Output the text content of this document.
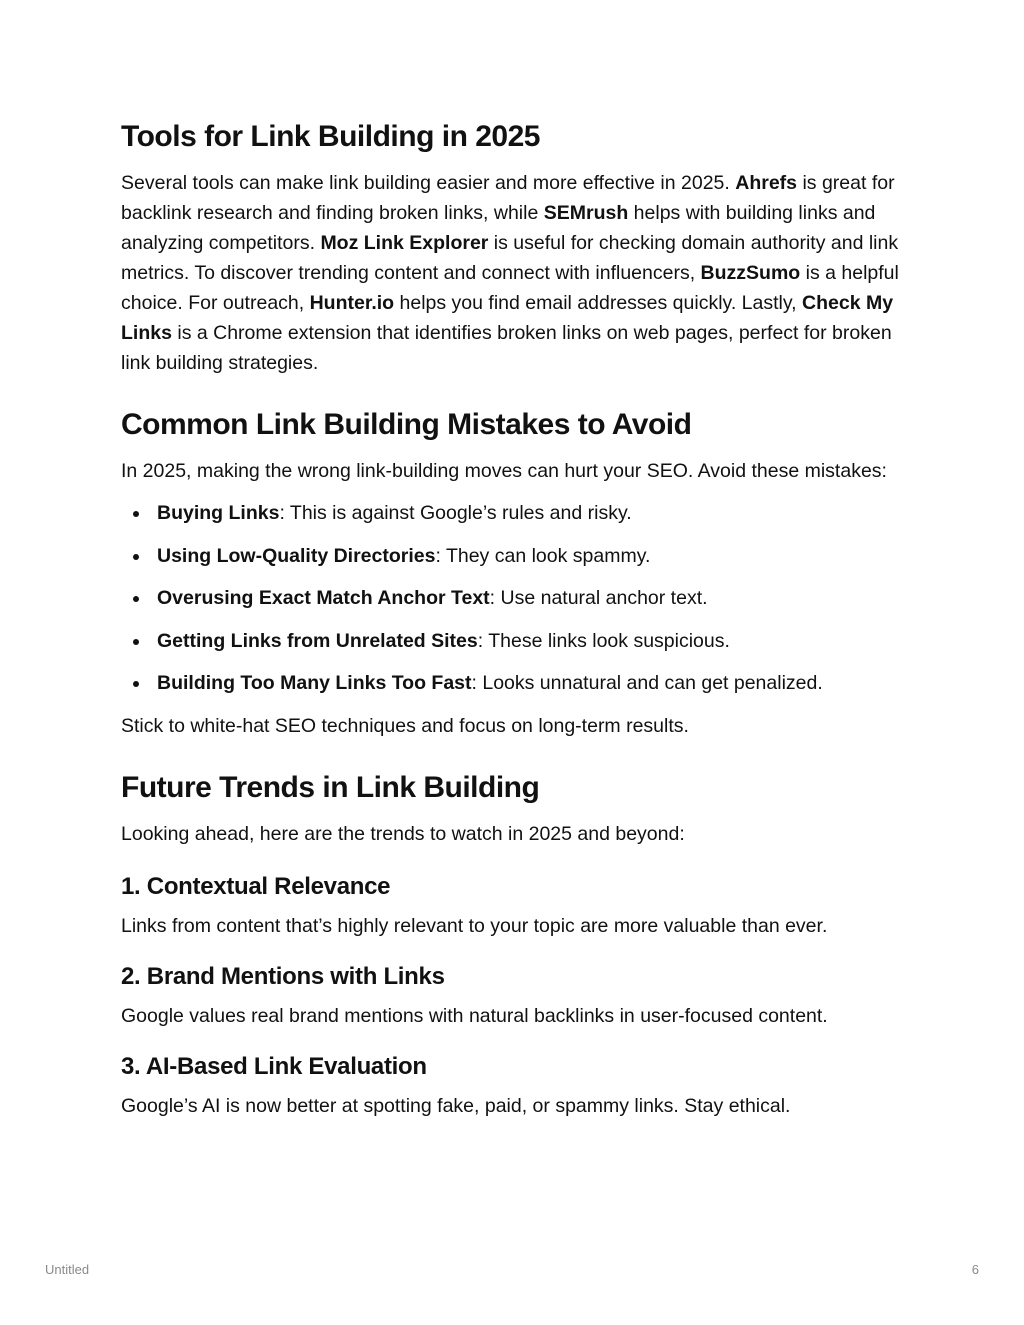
Tools for Link Building in 2025

Several tools can make link building easier and more effective in 2025. Ahrefs is great for backlink research and finding broken links, while SEMrush helps with building links and analyzing competitors. Moz Link Explorer is useful for checking domain authority and link metrics. To discover trending content and connect with influencers, BuzzSumo is a helpful choice. For outreach, Hunter.io helps you find email addresses quickly. Lastly, Check My Links is a Chrome extension that identifies broken links on web pages, perfect for broken link building strategies.

Common Link Building Mistakes to Avoid

In 2025, making the wrong link-building moves can hurt your SEO. Avoid these mistakes:

Buying Links: This is against Google’s rules and risky.
Using Low-Quality Directories: They can look spammy.
Overusing Exact Match Anchor Text: Use natural anchor text.
Getting Links from Unrelated Sites: These links look suspicious.
Building Too Many Links Too Fast: Looks unnatural and can get penalized.

Stick to white-hat SEO techniques and focus on long-term results.

Future Trends in Link Building

Looking ahead, here are the trends to watch in 2025 and beyond:

1. Contextual Relevance

Links from content that’s highly relevant to your topic are more valuable than ever.

2. Brand Mentions with Links

Google values real brand mentions with natural backlinks in user-focused content.

3. AI-Based Link Evaluation

Google’s AI is now better at spotting fake, paid, or spammy links. Stay ethical.

Untitled	6
